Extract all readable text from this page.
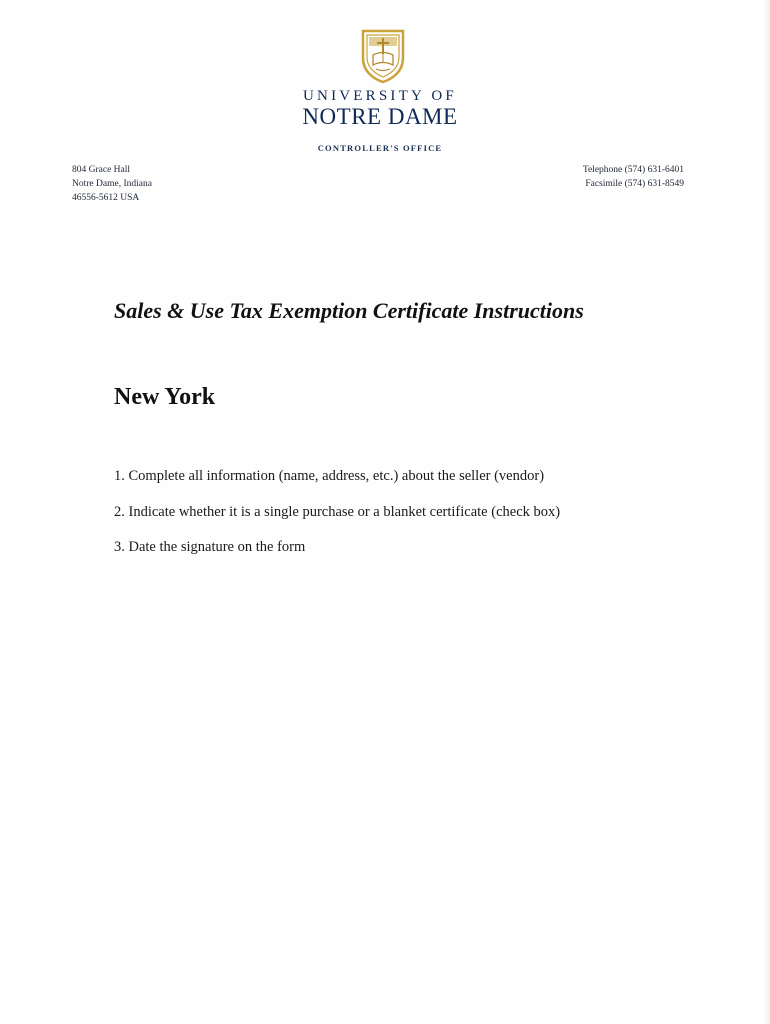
UNIVERSITY OF
NOTRE DAME
CONTROLLER'S OFFICE
804 Grace Hall
Notre Dame, Indiana
46556-5612 USA
Telephone (574) 631-6401
Facsimile (574) 631-8549
Sales & Use Tax Exemption Certificate Instructions
New York
1. Complete all information (name, address, etc.) about the seller (vendor)
2. Indicate whether it is a single purchase or a blanket certificate (check box)
3. Date the signature on the form
